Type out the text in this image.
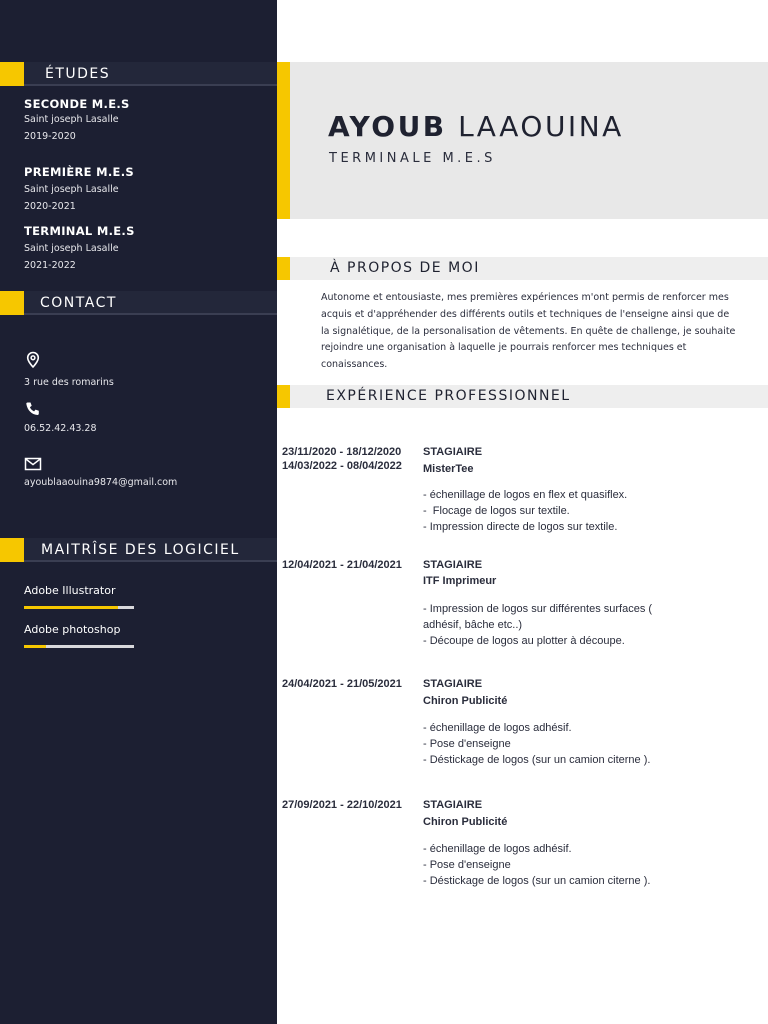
ÉTUDES
SECONDE M.E.S
Saint joseph Lasalle
2019-2020
PREMIÈRE M.E.S
Saint joseph Lasalle
2020-2021
TERMINAL M.E.S
Saint joseph Lasalle
2021-2022
CONTACT
3 rue des romarins
06.52.42.43.28
ayoublaaouina9874@gmail.com
MAITRÎSE DES LOGICIEL
Adobe Illustrator
Adobe photoshop
AYOUB LAAOUINA
TERMINALE M.E.S
À PROPOS DE MOI
Autonome et entousiaste, mes premières expériences m'ont permis de renforcer mes acquis et d'appréhender des différents outils et techniques de l'enseigne ainsi que de la signalétique, de la personalisation de vêtements. En quête de challenge, je souhaite rejoindre une organisation à laquelle je pourrais renforcer mes techniques et conaissances.
EXPÉRIENCE PROFESSIONNEL
23/11/2020 - 18/12/2020
14/03/2022 - 08/04/2022
STAGIAIRE
MisterTee
- échenillage de logos en flex et quasiflex.
-  Flocage de logos sur textile.
- Impression directe de logos sur textile.
12/04/2021 - 21/04/2021 STAGIAIRE
ITF Imprimeur
- Impression de logos sur différentes surfaces ( adhésif, bâche etc..)
- Découpe de logos au plotter à découpe.
24/04/2021 - 21/05/2021 STAGIAIRE
Chiron Publicité
- échenillage de logos adhésif.
- Pose d'enseigne
- Déstickage de logos (sur un camion citerne ).
27/09/2021 - 22/10/2021 STAGIAIRE
Chiron Publicité
- échenillage de logos adhésif.
- Pose d'enseigne
- Déstickage de logos (sur un camion citerne ).
